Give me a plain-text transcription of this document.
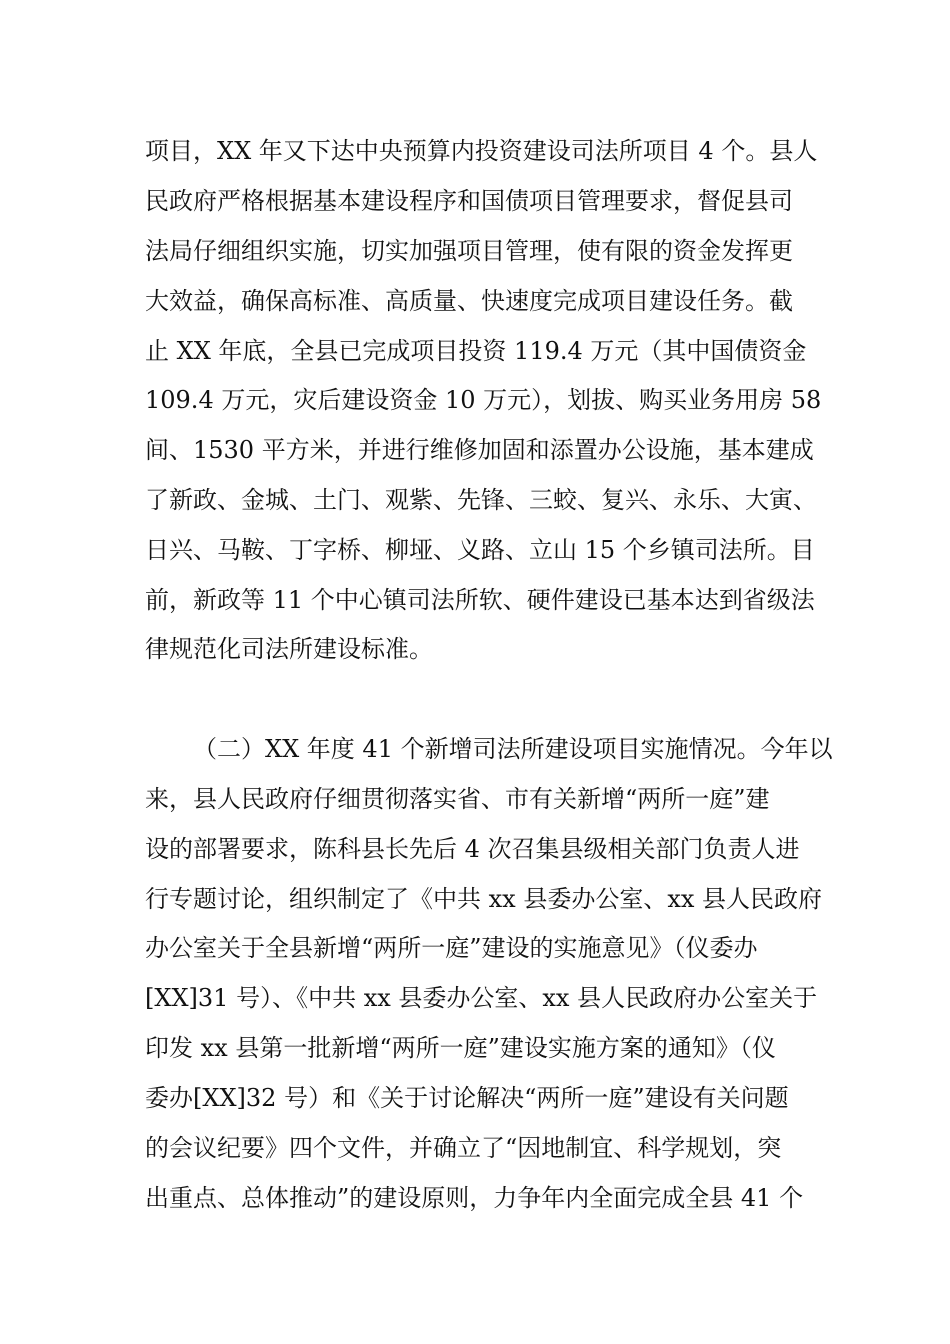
项目，XX 年又下达中央预算内投资建设司法所项目 4 个。县人
民政府严格根据基本建设程序和国债项目管理要求，督促县司
法局仔细组织实施，切实加强项目管理，使有限的资金发挥更
大效益，确保高标准、高质量、快速度完成项目建设任务。截
止 XX 年底，全县已完成项目投资 119.4 万元（其中国债资金
109.4 万元，灾后建设资金 10 万元），划拔、购买业务用房 58
间、1530 平方米，并进行维修加固和添置办公设施，基本建成
了新政、金城、土门、观紫、先锋、三蛟、复兴、永乐、大寅、
日兴、马鞍、丁字桥、柳垭、义路、立山 15 个乡镇司法所。目
前，新政等 11 个中心镇司法所软、硬件建设已基本达到省级法
律规范化司法所建设标准。
（二）XX 年度 41 个新增司法所建设项目实施情况。今年以
来，县人民政府仔细贯彻落实省、市有关新增“两所一庭”建
设的部署要求，陈科县长先后 4 次召集县级相关部门负责人进
行专题讨论，组织制定了《中共 xx 县委办公室、xx 县人民政府
办公室关于全县新增“两所一庭”建设的实施意见》（仪委办
[XX]31 号）、《中共 xx 县委办公室、xx 县人民政府办公室关于
印发 xx 县第一批新增“两所一庭”建设实施方案的通知》（仪
委办[XX]32 号）和《关于讨论解决“两所一庭”建设有关问题
的会议纪要》四个文件，并确立了“因地制宜、科学规划，突
出重点、总体推动”的建设原则，力争年内全面完成全县 41 个
